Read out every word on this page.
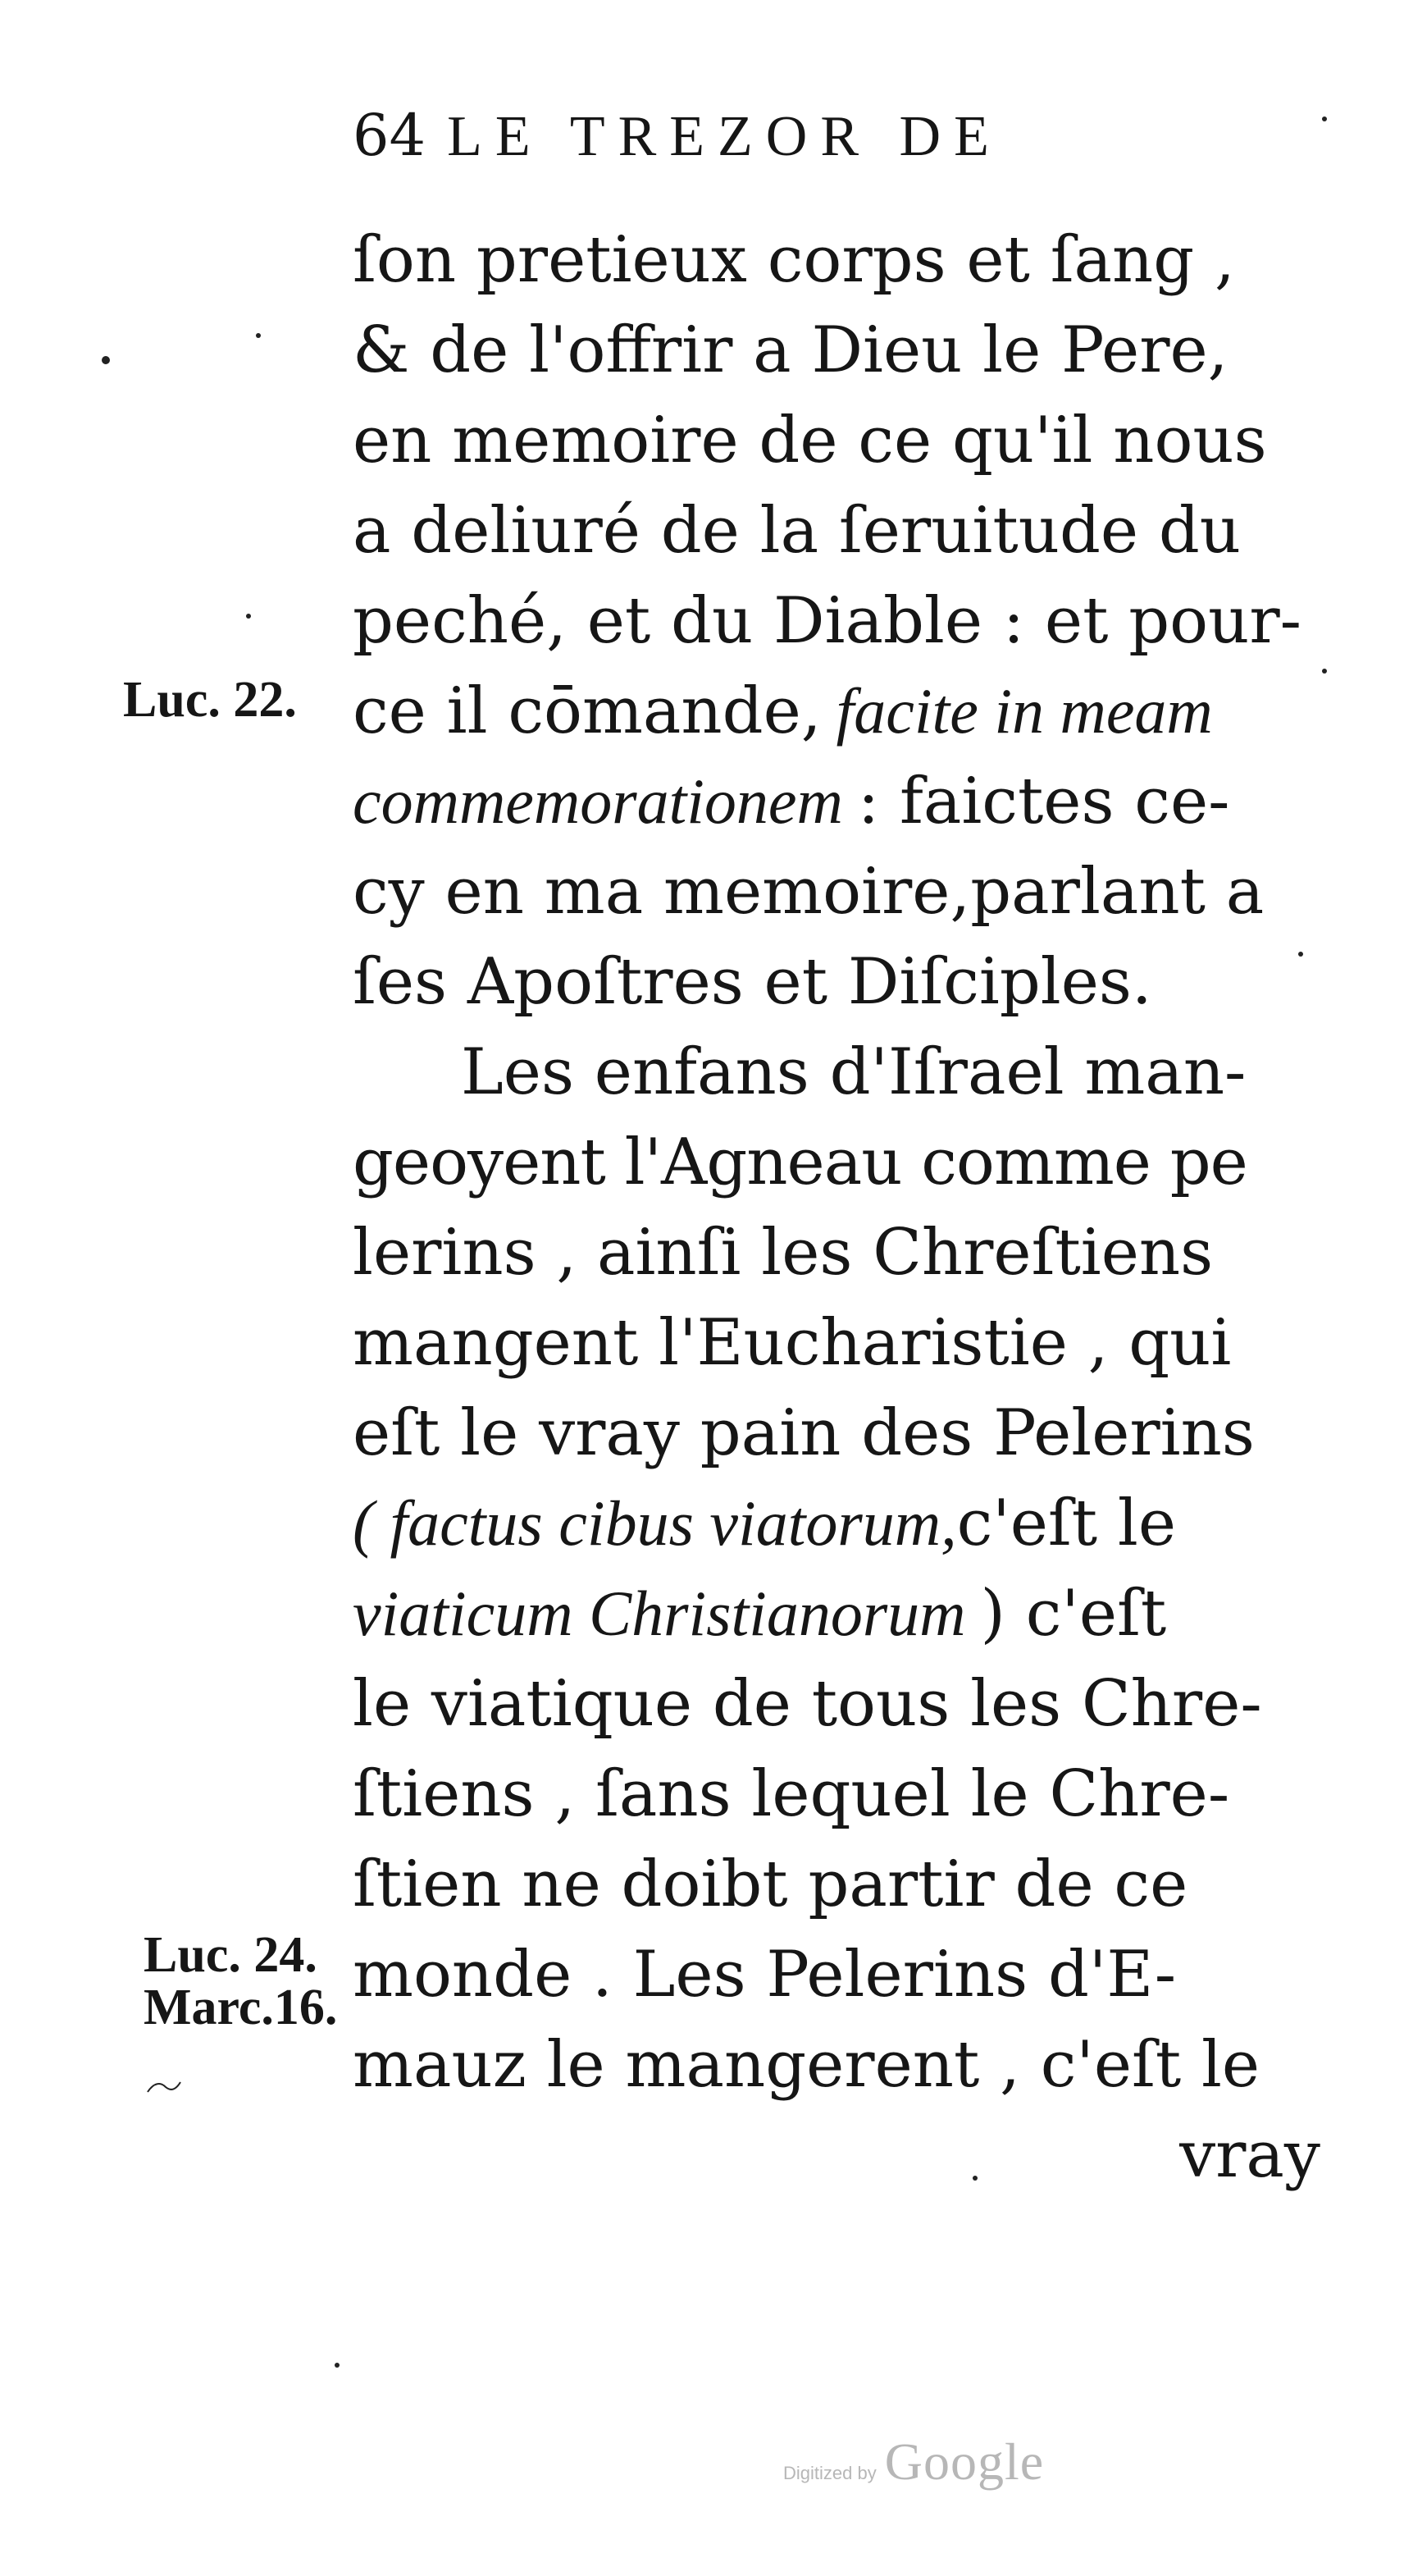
64 LE TREZOR DE
Luc. 22.
Luc. 24.
Marc.16.
ſon pretieux corps et ſang ,
& de l'offrir a Dieu le Pere,
en memoire de ce qu'il nous
a deliuré de la ſeruitude du
peché, et du Diable : et pour-
ce il cōmande, facite in meam
commemorationem : faictes ce-
cy en ma memoire,parlant a
ſes Apoſtres et Diſciples.
Les enfans d'Iſrael man-
geoyent l'Agneau comme pe
lerins , ainſi les Chreſtiens
mangent l'Eucharistie , qui
eſt le vray pain des Pelerins
( factus cibus viatorum, c'eſt le
viaticum Christianorum ) c'eſt
le viatique de tous les Chre-
ſtiens , ſans lequel le Chre-
ſtien ne doibt partir de ce
monde . Les Pelerins d'E-
mauz le mangerent , c'eſt le
vray
Digitized by Google
